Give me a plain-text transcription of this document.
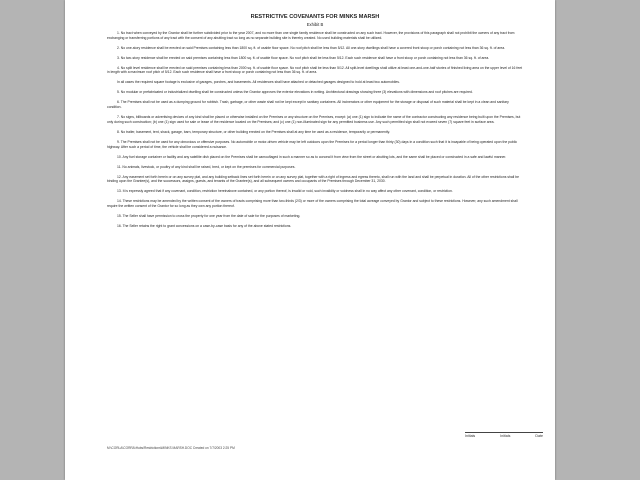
RESTRICTIVE COVENANTS FOR MINKS MARSH
Exhibit B

1. No tract when conveyed by the Grantor shall be further subdivided prior to the year 2007, and no more than one single family residence shall be constructed on any such tract. However, the provisions of this paragraph shall not prohibit the owners of any tract from exchanging or transferring portions of any tract with the consent of any abutting tract so long as no separate building site is thereby created. No used building materials shall be utilized.

2. No one-story residence shall be erected on said Premises containing less than 1800 sq. ft. of usable floor space. No roof pitch shall be less than 5/12. All one-story dwellings shall have a covered front stoop or porch containing not less than 36 sq. ft. of area.

3. No two-story residence shall be erected on said premises containing less than 1800 sq. ft. of usable floor space. No roof pitch shall be less than 5/12. Each such residence shall have a front stoop or porch containing not less than 36 sq. ft. of area.

4. No split level residence shall be erected on said premises containing less than 2000 sq. ft. of usable floor space. No roof pitch shall be less than 5/12. All split-level dwellings shall utilize at least one-and-one-half stories of finished living area on the upper level of 16 feet in length with a maximum roof pitch of 5/12. Each such residence shall have a front stoop or porch containing not less than 36 sq. ft. of area.

In all cases the required square footage is exclusive of garages, porches, and basements. All residences shall have attached or detached garages designed to hold at least two automobiles.

5. No modular or prefabricated or industrialized dwelling shall be constructed unless the Grantor approves the exterior elevations in writing. Architectural drawings showing three (3) elevations with dimensions and roof pitches are required.

6. The Premises shall not be used as a dumping ground for rubbish. Trash, garbage, or other waste shall not be kept except in sanitary containers. All incinerators or other equipment for the storage or disposal of such material shall be kept in a clean and sanitary condition.

7. No signs, billboards or advertising devices of any kind shall be placed or otherwise installed on the Premises or any structure on the Premises, except: (a) one (1) sign to indicate the name of the contractor constructing any residence being built upon the Premises, but only during such construction; (b) one (1) sign used for sale or lease of the residence located on the Premises; and (c) one (1) non-illuminated sign for any permitted business use. Any such permitted sign shall not exceed seven (7) square feet in surface area.

8. No trailer, basement, tent, shack, garage, barn, temporary structure, or other building erected on the Premises shall at any time be used as a residence, temporarily or permanently.

9. The Premises shall not be used for any obnoxious or offensive purposes. No automobile or motor-driven vehicle may be left outdoors upon the Premises for a period longer than thirty (30) days in a condition such that it is incapable of being operated upon the public highway. After such a period of time, the vehicle shall be considered a nuisance.

10. Any fuel storage container or facility and any satellite dish placed on the Premises shall be camouflaged in such a manner so as to conceal it from view from the street or abutting lots, and the same shall be placed or constructed in a safe and lawful manner.

11. No animals, livestock, or poultry of any kind shall be raised, bred, or kept on the premises for commercial purposes.

12. Any easement set forth herein or on any survey plat, and any building setback lines set forth herein or on any survey plat, together with a right of ingress and egress thereto, shall run with the land and shall be perpetual in duration. All of the other restrictions shall be binding upon the Grantee(s), and the successors, assigns, guests, and tenants of the Grantee(s), and all subsequent owners and occupants of the Premises through December 31, 2030.

13. It is expressly agreed that if any covenant, condition, restriction hereinabove contained, or any portion thereof, is invalid or void, such invalidity or voidness shall in no way affect any other covenant, condition, or restriction.

14. These restrictions may be amended by the written consent of the owners of tracts comprising more than two-thirds (2/3) or more of the owners comprising the total acreage conveyed by Grantor and subject to these restrictions. However, any such amendment shall require the written consent of the Grantor for so long as they own any portion thereof.

15. The Seller shall have permission to cross the property for one year from the date of sale for the purposes of marketing.

16. The Seller retains the right to grant concessions on a case-by-case basis for any of the above stated restrictions.

Initials	Initials	Date
M:\CORLA\CORRA\Hubs\Restrictions\MINKS MARSH.DOC Created on 7/7/2003 2:25 PM
